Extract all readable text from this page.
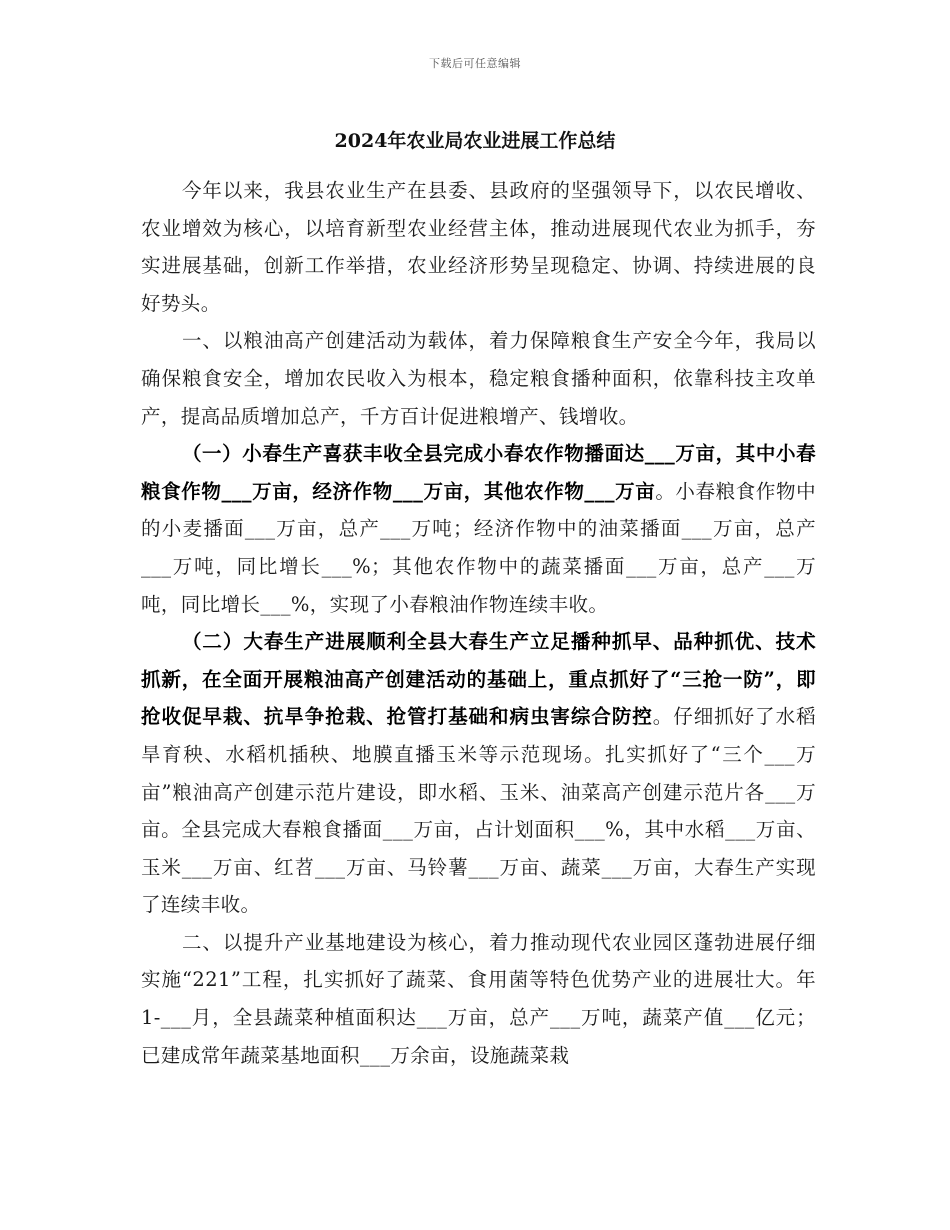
下载后可任意编辑
2024年农业局农业进展工作总结

今年以来，我县农业生产在县委、县政府的坚强领导下，以农民增收、农业增效为核心，以培育新型农业经营主体，推动进展现代农业为抓手，夯实进展基础，创新工作举措，农业经济形势呈现稳定、协调、持续进展的良好势头。

一、以粮油高产创建活动为载体，着力保障粮食生产安全今年，我局以确保粮食安全，增加农民收入为根本，稳定粮食播种面积，依靠科技主攻单产，提高品质增加总产，千方百计促进粮增产、钱增收。

（一）小春生产喜获丰收全县完成小春农作物播面达___万亩，其中小春粮食作物___万亩，经济作物___万亩，其他农作物___万亩。小春粮食作物中的小麦播面___万亩，总产___万吨；经济作物中的油菜播面___万亩，总产___万吨，同比增长___%；其他农作物中的蔬菜播面___万亩，总产___万吨，同比增长___%，实现了小春粮油作物连续丰收。

（二）大春生产进展顺利全县大春生产立足播种抓早、品种抓优、技术抓新，在全面开展粮油高产创建活动的基础上，重点抓好了“三抢一防”，即抢收促早栽、抗旱争抢栽、抢管打基础和病虫害综合防控。仔细抓好了水稻旱育秧、水稻机插秧、地膜直播玉米等示范现场。扎实抓好了“三个___万亩”粮油高产创建示范片建设，即水稻、玉米、油菜高产创建示范片各___万亩。全县完成大春粮食播面___万亩，占计划面积___%，其中水稻___万亩、玉米___万亩、红苕___万亩、马铃薯___万亩、蔬菜___万亩，大春生产实现了连续丰收。

二、以提升产业基地建设为核心，着力推动现代农业园区蓬勃进展仔细实施“221”工程，扎实抓好了蔬菜、食用菌等特色优势产业的进展壮大。年1-___月，全县蔬菜种植面积达___万亩，总产___万吨，蔬菜产值___亿元；已建成常年蔬菜基地面积___万余亩，设施蔬菜栽
